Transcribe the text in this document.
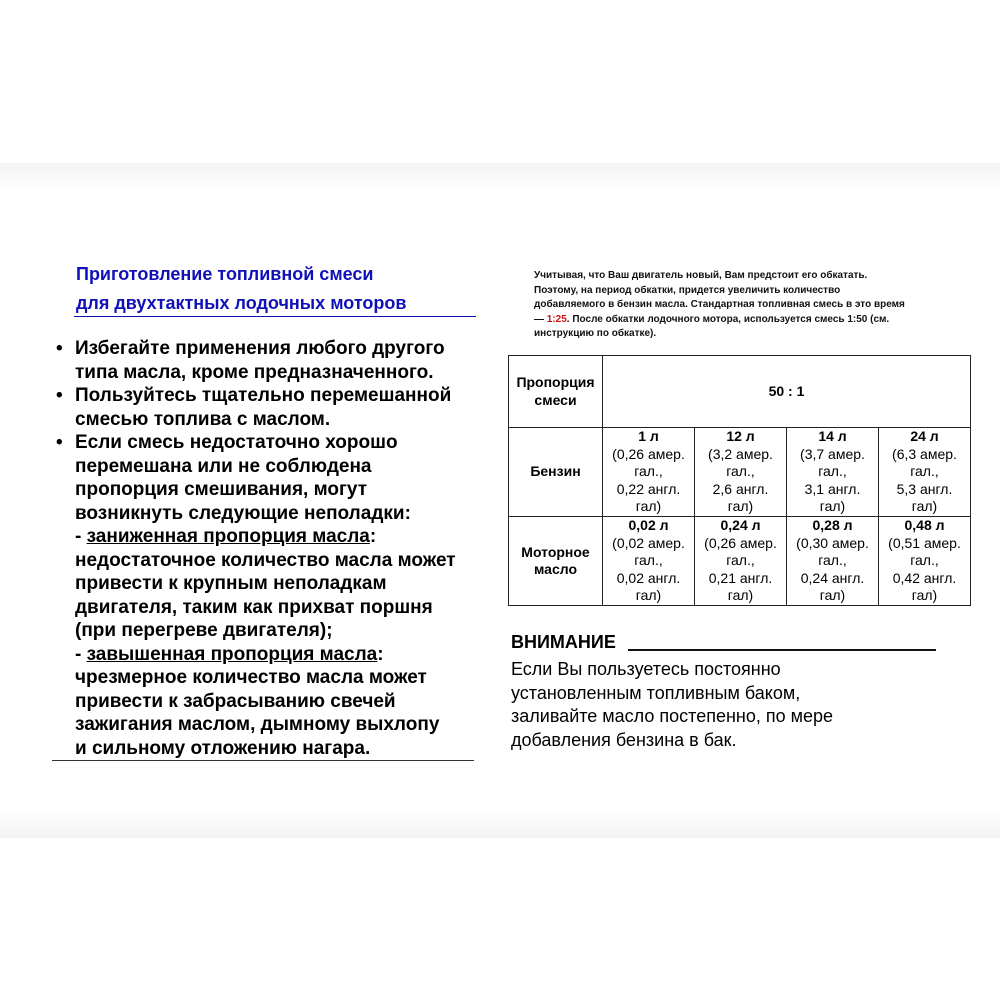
Приготовление топливной смеси
для двухтактных лодочных моторов
• Избегайте применения любого другого
типа масла, кроме предназначенного.
• Пользуйтесь тщательно перемешанной
смесью топлива с маслом.
• Если смесь недостаточно хорошо
перемешана или не соблюдена
пропорция смешивания, могут
возникнуть следующие неполадки:
- заниженная пропорция масла:
недостаточное количество масла может
привести к крупным неполадкам
двигателя, таким как прихват поршня
(при перегреве двигателя);
- завышенная пропорция масла:
чрезмерное количество масла может
привести к забрасыванию свечей
зажигания маслом, дымному выхлопу
и сильному отложению нагара.
Учитывая, что Ваш двигатель новый, Вам предстоит его обкатать.
Поэтому, на период обкатки, придется увеличить количество
добавляемого в бензин масла. Стандартная топливная смесь в это время
— 1:25. После обкатки лодочного мотора, используется смесь 1:50 (см.
инструкцию по обкатке).
Пропорция смеси	50 : 1			
Бензин	1 л
(0,26 амер.
гал.,
0,22 англ.
гал)	12 л
(3,2 амер.
гал.,
2,6 англ.
гал)	14 л
(3,7 амер.
гал.,
3,1 англ.
гал)	24 л
(6,3 амер.
гал.,
5,3 англ.
гал)

Моторное масло	0,02 л
(0,02 амер.
гал.,
0,02 англ.
гал)	0,24 л
(0,26 амер.
гал.,
0,21 англ.
гал)	0,28 л
(0,30 амер.
гал.,
0,24 англ.
гал)	0,48 л
(0,51 амер.
гал.,
0,42 англ.
гал)
ВНИМАНИЕ
Если Вы пользуетесь постоянно
установленным топливным баком,
заливайте масло постепенно, по мере
добавления бензина в бак.
